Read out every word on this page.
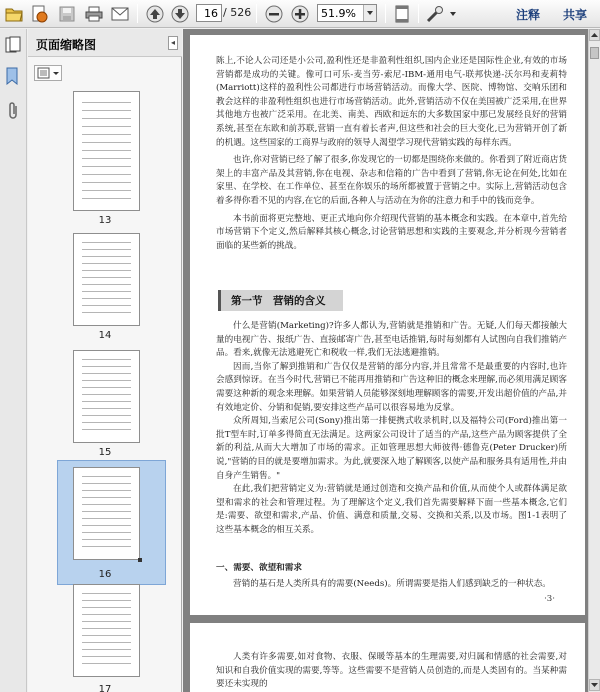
16
/ 526	51.9%	注释 共享
页面缩略图	◂
13
14
15
16
17

陈上,不论人公司还是小公司,盈利性还是非盈利性组织,国内企业还是国际性企业,有效的市场营销都是成功的关键。像可口可乐-麦当劳-索尼-IBM-通用电气-联邦快递-沃尔玛和麦莉特(Marriott)这样的盈利性公司都进行市场营销活动。而像大学、医院、博物馆、交响乐团和教会这样的非盈利性组织也进行市场营销活动。此外,营销活动不仅在美国被广泛采用,在世界其他地方也被广泛采用。在北美、南美、西欧和远东的大多数国家中那已发展经良好的营销系统,甚至在东欧和前苏联,营销一直有着长者声,但这些和社会的巨大变化,已为营销开创了新的机遇。这些国家的工商界与政府的领导人渴望学习现代营销实践的每样东西。

也许,你对营销已经了解了很多,你发现它的一切都是围绕你来做的。你看到了附近商店货架上的丰富产品及其营销,你在电视、杂志和信箱的广告中看到了营销,你无论在何处,比如在家里、在学校、在工作单位、甚至在你娱乐的场所都被置于营销之中。实际上,营销活动包含着多得你看不见的内容,在它的后面,各种人与活动在为你的注意力和手中的钱而竞争。

本书前面将更完整地、更正式地向你介绍现代营销的基本概念和实践。在本章中,首先给市场营销下个定义,然后解释其核心概念,讨论营销思想和实践的主要观念,并分析现今营销者面临的某些新的挑战。

第一节　营销的含义

什么是营销(Marketing)?许多人都认为,营销就是推销和广告。无疑,人们每天都接触大量的电视广告、报纸广告、直接邮寄广告,甚至电话推销,每时每刻都有人试图向自我们推销产品。看来,就像无法逃避死亡和税收一样,我们无法逃避推销。

因而,当你了解到推销和广告仅仅是营销的部分内容,并且常常不是最重要的内容时,也许会感到惊讶。在当今时代,营销已不能再用推销和广告这种旧的概念来理解,而必须用满足顾客需要这种新的观念来理解。如果营销人员能够深刻地理解顾客的需要,开发出超价值的产品,并有效地定价、分销和促销,要安排这些产品可以很容易地为反掌。

众所周知,当索尼公司(Sony)推出第一排便携式收录机时,以及福特公司(Ford)推出第一批T型车时,订单多得简直无法满足。这两家公司设计了适当的产品,这些产品为顾客提供了全新的利益,从而大大增加了市场的需求。正如管理思想大师彼得·德鲁克(Peter Drucker)所说,"营销的目的就是要增加需求。为此,就要深入地了解顾客,以使产品和服务具有适用性,并由自身产生销售。"

在此,我们把营销定义为:营销就是通过创造和交换产品和价值,从而使个人或群体满足欲望和需求的社会和管理过程。为了理解这个定义,我们首先需要解释下面一些基本概念,它们是:需要、欲望和需求,产品、价值、满意和质量,交易、交换和关系,以及市场。图1-1表明了这些基本概念的相互关系。

一、需要、欲望和需求

营销的基石是人类所具有的需要(Needs)。所谓需要是指人们感到缺乏的一种状态。

·3·

人类有许多需要,如对食物、衣服、保暖等基本的生理需要,对归属和情感的社会需要,对知识和自我价值实现的需要,等等。这些需要不是营销人员创造的,而是人类固有的。当某种需要还未实现的
